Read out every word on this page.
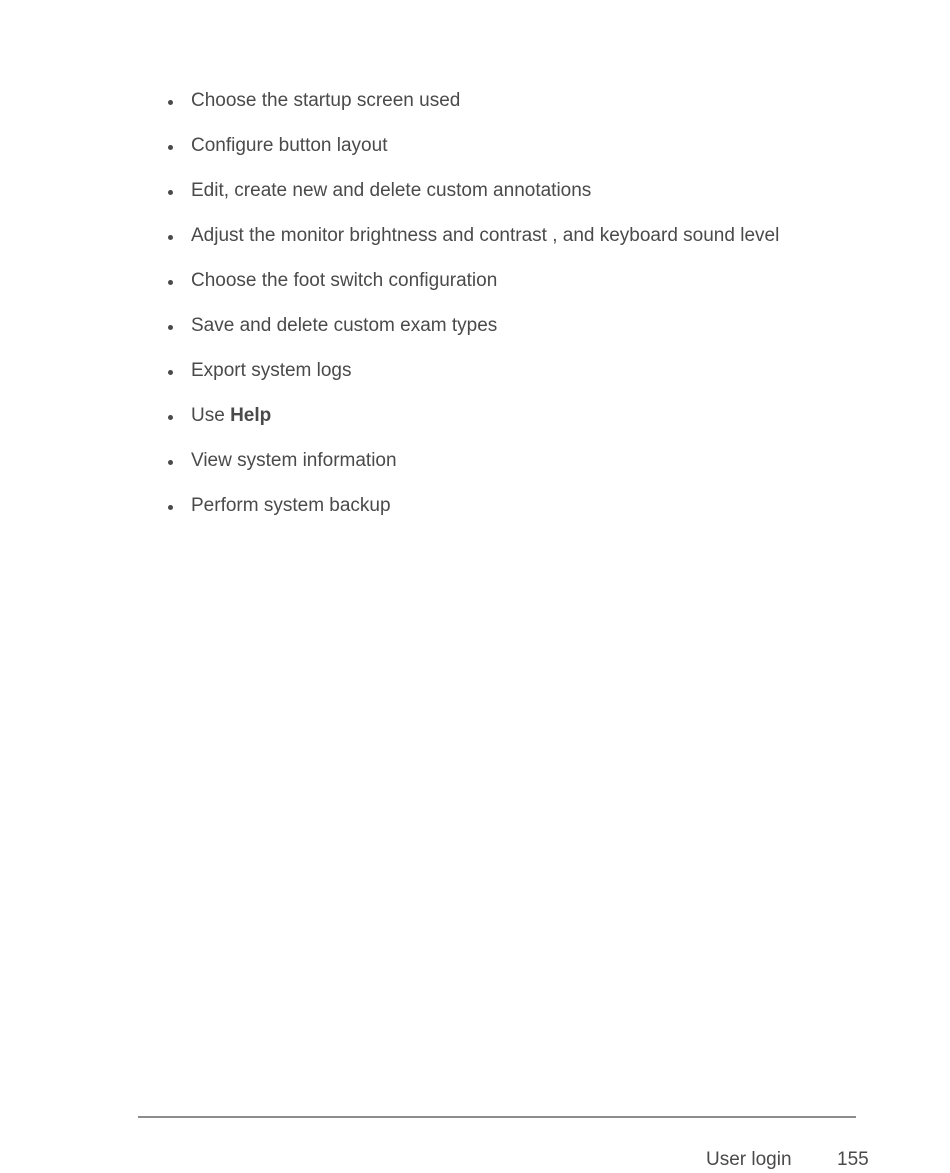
Choose the startup screen used
Configure button layout
Edit, create new and delete custom annotations
Adjust the monitor brightness and contrast , and keyboard sound level
Choose the foot switch configuration
Save and delete custom exam types
Export system logs
Use Help
View system information
Perform system backup
User login 155
